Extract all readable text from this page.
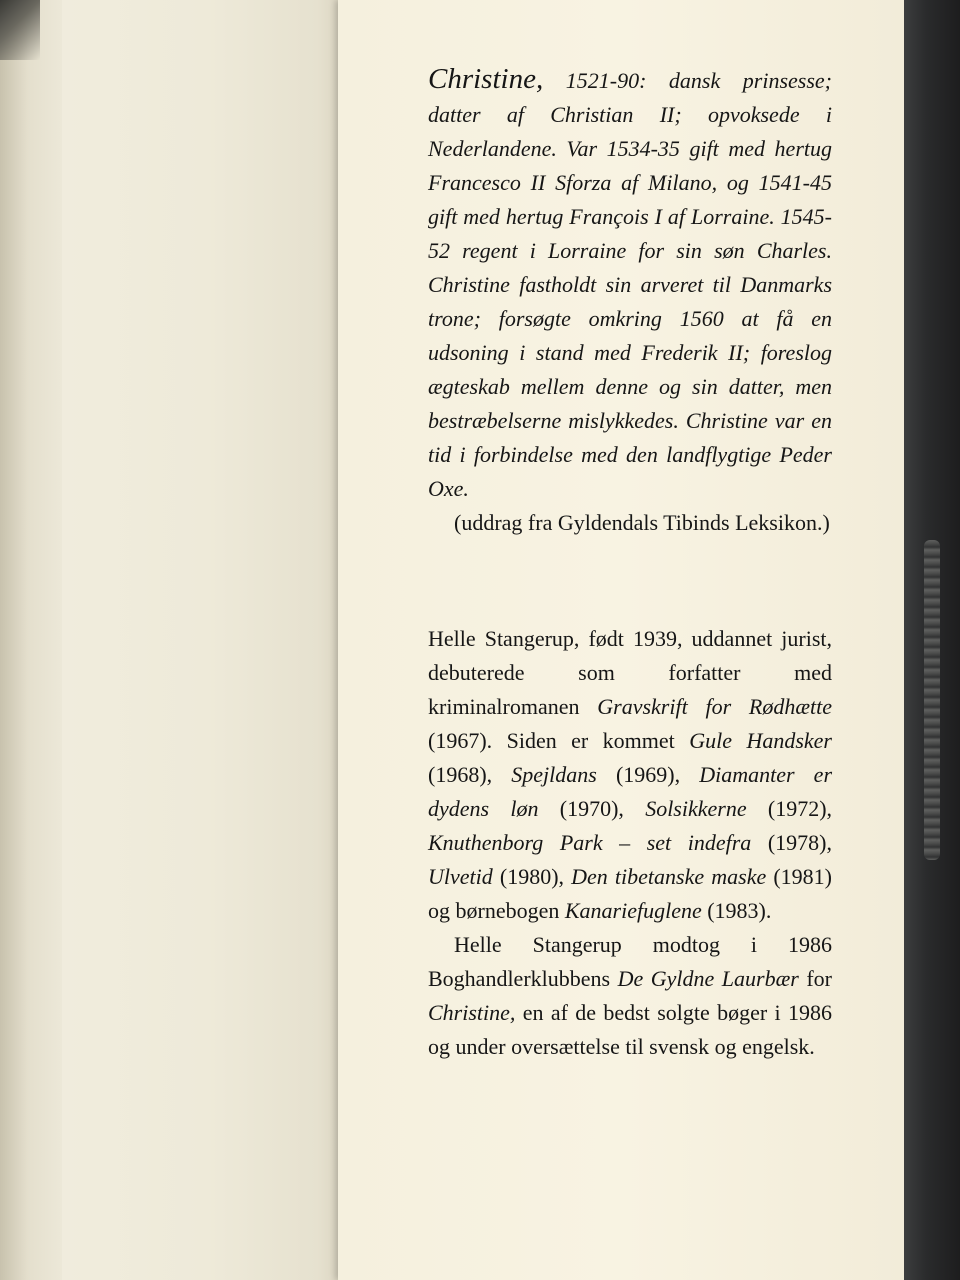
Christine, 1521-90: dansk prinsesse; datter af Christian II; opvoksede i Nederlandene. Var 1534-35 gift med hertug Francesco II Sforza af Milano, og 1541-45 gift med hertug François I af Lorraine. 1545-52 regent i Lorraine for sin søn Charles. Christine fastholdt sin arveret til Danmarks trone; forsøgte omkring 1560 at få en udsoning i stand med Frederik II; foreslog ægteskab mellem denne og sin datter, men bestræbelserne mislykkedes. Christine var en tid i forbindelse med den landflygtige Peder Oxe.

(uddrag fra Gyldendals Tibinds Leksikon.)

Helle Stangerup, født 1939, uddannet jurist, debuterede som forfatter med kriminalromanen Gravskrift for Rødhætte (1967). Siden er kommet Gule Handsker (1968), Spejldans (1969), Diamanter er dydens løn (1970), Solsikkerne (1972), Knuthenborg Park – set indefra (1978), Ulvetid (1980), Den tibetanske maske (1981) og børnebogen Kanariefuglene (1983).

Helle Stangerup modtog i 1986 Boghandlerklubbens De Gyldne Laurbær for Christine, en af de bedst solgte bøger i 1986 og under oversættelse til svensk og engelsk.
